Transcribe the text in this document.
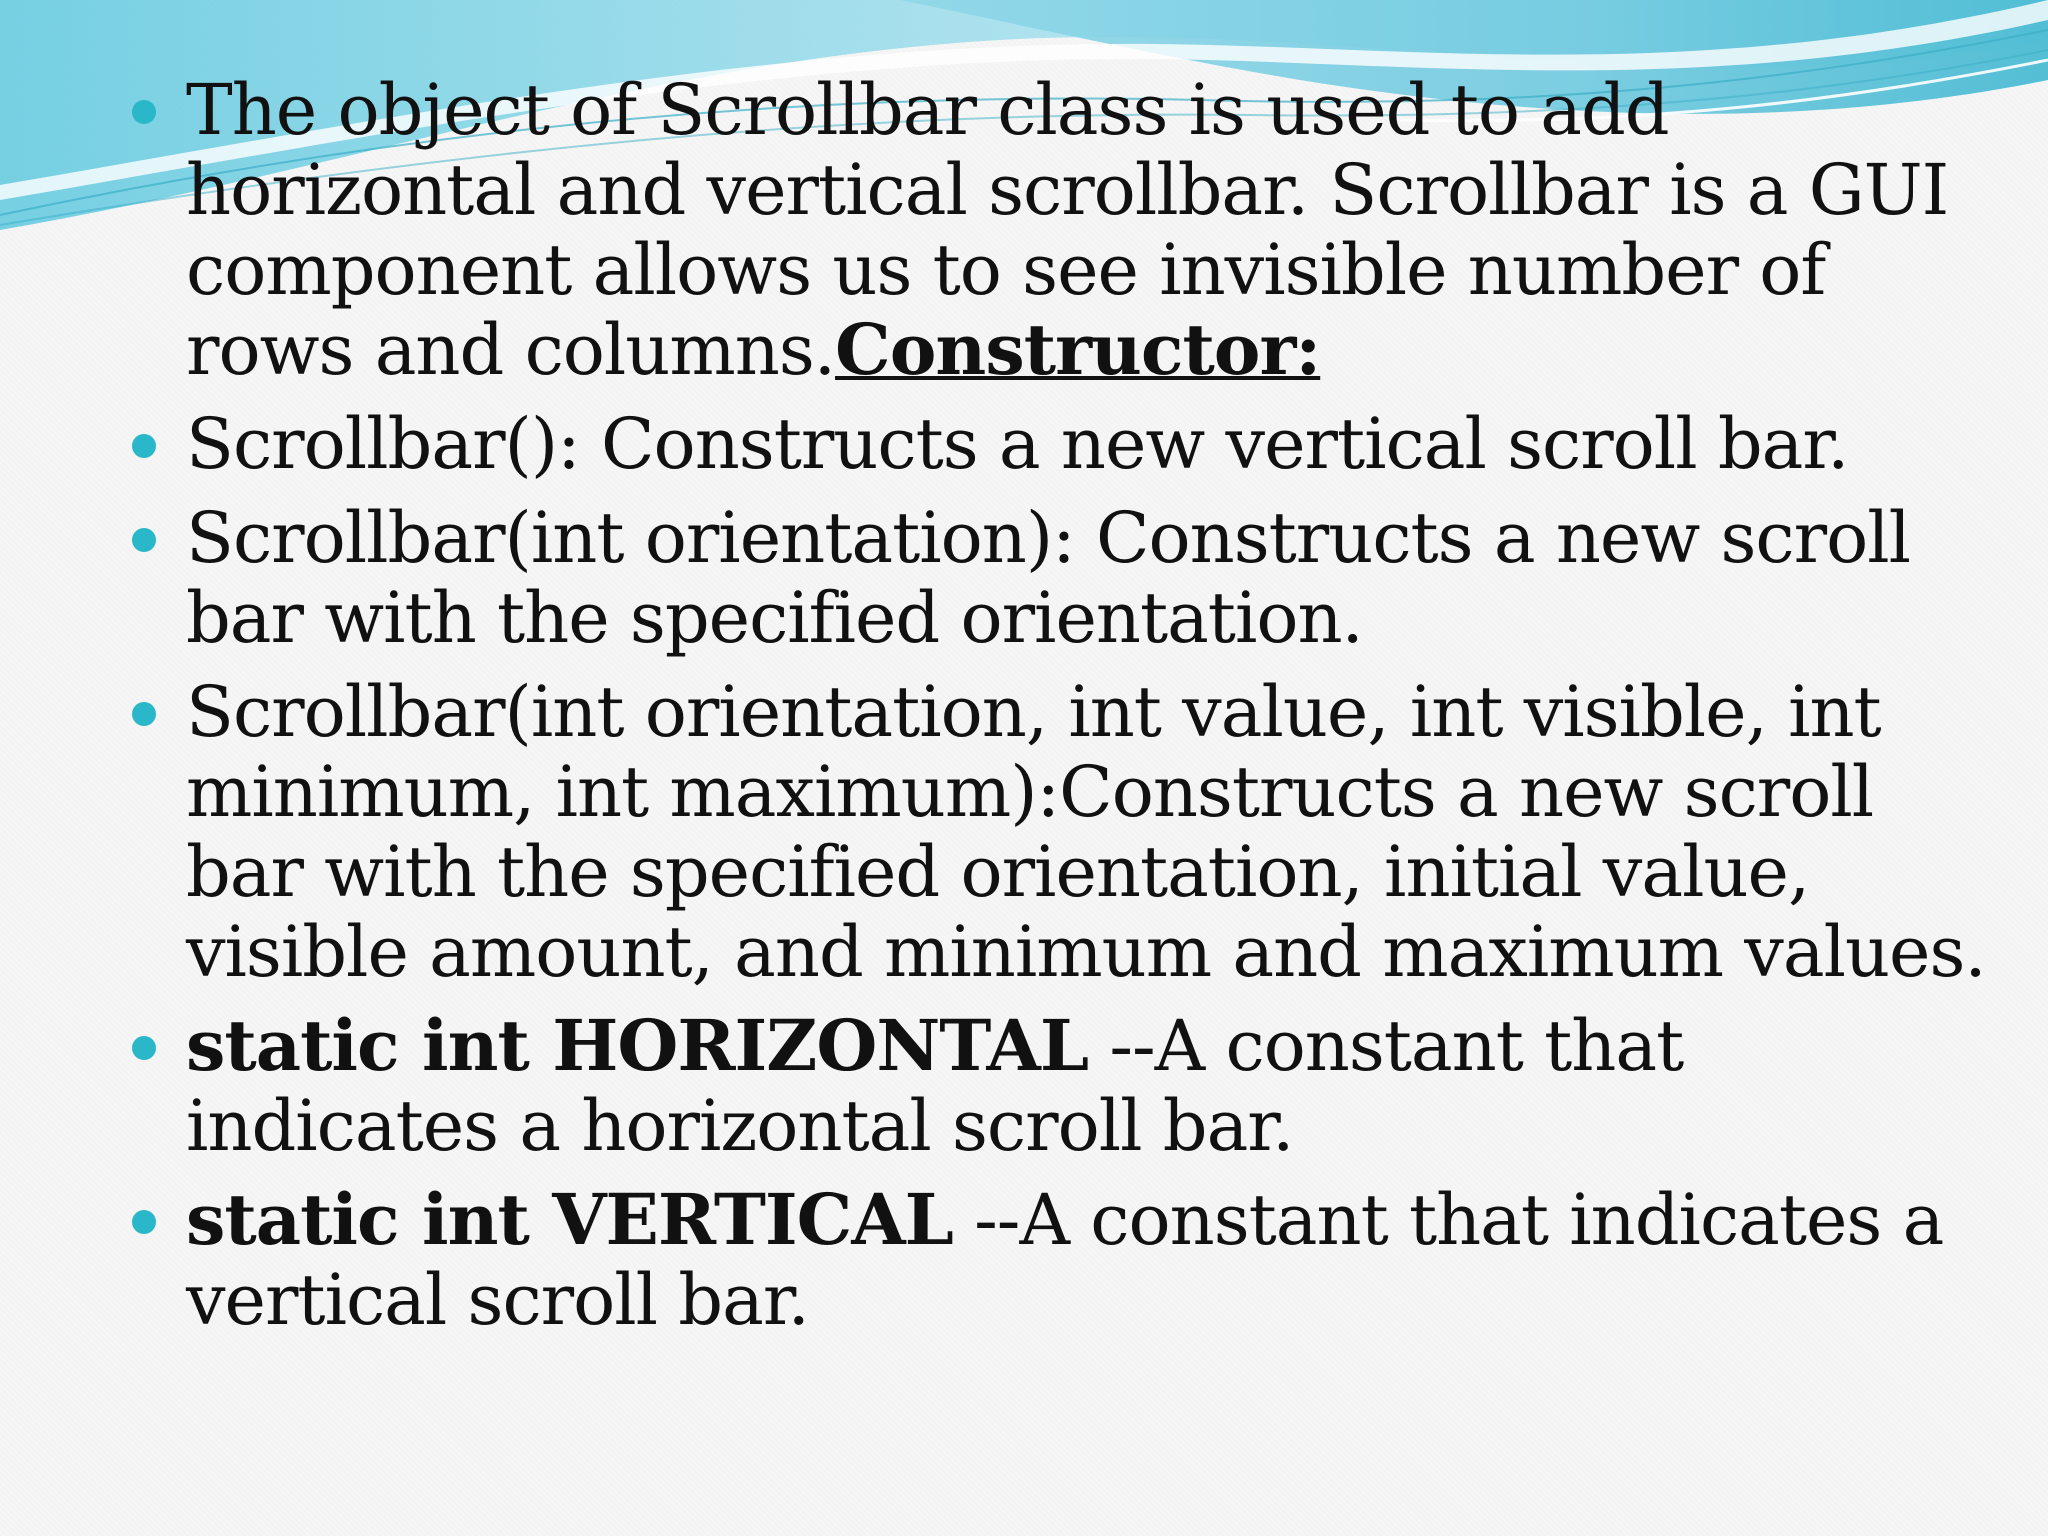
The object of Scrollbar class is used to add horizontal and vertical scrollbar. Scrollbar is a GUI component allows us to see invisible number of rows and columns.Constructor:
Scrollbar(): Constructs a new vertical scroll bar.
Scrollbar(int orientation): Constructs a new scroll bar with the specified orientation.
Scrollbar(int orientation, int value, int visible, int minimum, int maximum):Constructs a new scroll bar with the specified orientation, initial value, visible amount, and minimum and maximum values.
static int HORIZONTAL --A constant that indicates a horizontal scroll bar.
static int VERTICAL --A constant that indicates a vertical scroll bar.
